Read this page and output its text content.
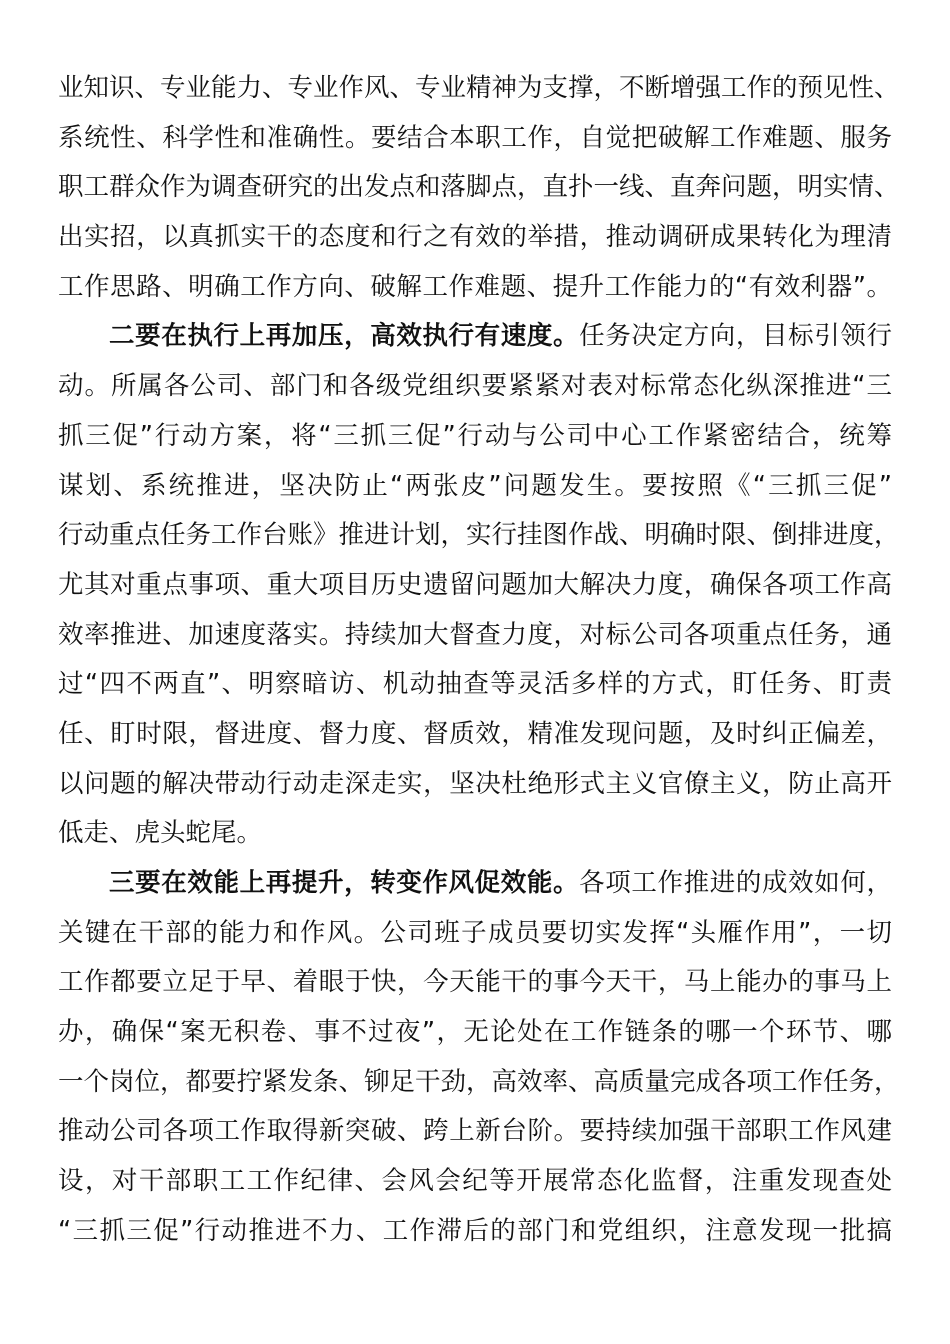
业知识、专业能力、专业作风、专业精神为支撑，不断增强工作的预见性、
系统性、科学性和准确性。要结合本职工作，自觉把破解工作难题、服务
职工群众作为调查研究的出发点和落脚点，直扑一线、直奔问题，明实情、
出实招，以真抓实干的态度和行之有效的举措，推动调研成果转化为理清
工作思路、明确工作方向、破解工作难题、提升工作能力的“有效利器”。
二要在执行上再加压，高效执行有速度。任务决定方向，目标引领行
动。所属各公司、部门和各级党组织要紧紧对表对标常态化纵深推进“三
抓三促”行动方案，将“三抓三促”行动与公司中心工作紧密结合，统筹
谋划、系统推进，坚决防止“两张皮”问题发生。要按照《“三抓三促”
行动重点任务工作台账》推进计划，实行挂图作战、明确时限、倒排进度，
尤其对重点事项、重大项目历史遗留问题加大解决力度，确保各项工作高
效率推进、加速度落实。持续加大督查力度，对标公司各项重点任务，通
过“四不两直”、明察暗访、机动抽查等灵活多样的方式，盯任务、盯责
任、盯时限，督进度、督力度、督质效，精准发现问题，及时纠正偏差，
以问题的解决带动行动走深走实，坚决杜绝形式主义官僚主义，防止高开
低走、虎头蛇尾。
三要在效能上再提升，转变作风促效能。各项工作推进的成效如何，
关键在干部的能力和作风。公司班子成员要切实发挥“头雁作用”，一切
工作都要立足于早、着眼于快，今天能干的事今天干，马上能办的事马上
办，确保“案无积卷、事不过夜”，无论处在工作链条的哪一个环节、哪
一个岗位，都要拧紧发条、铆足干劲，高效率、高质量完成各项工作任务，
推动公司各项工作取得新突破、跨上新台阶。要持续加强干部职工作风建
设，对干部职工工作纪律、会风会纪等开展常态化监督，注重发现查处
“三抓三促”行动推进不力、工作滞后的部门和党组织，注意发现一批搞
